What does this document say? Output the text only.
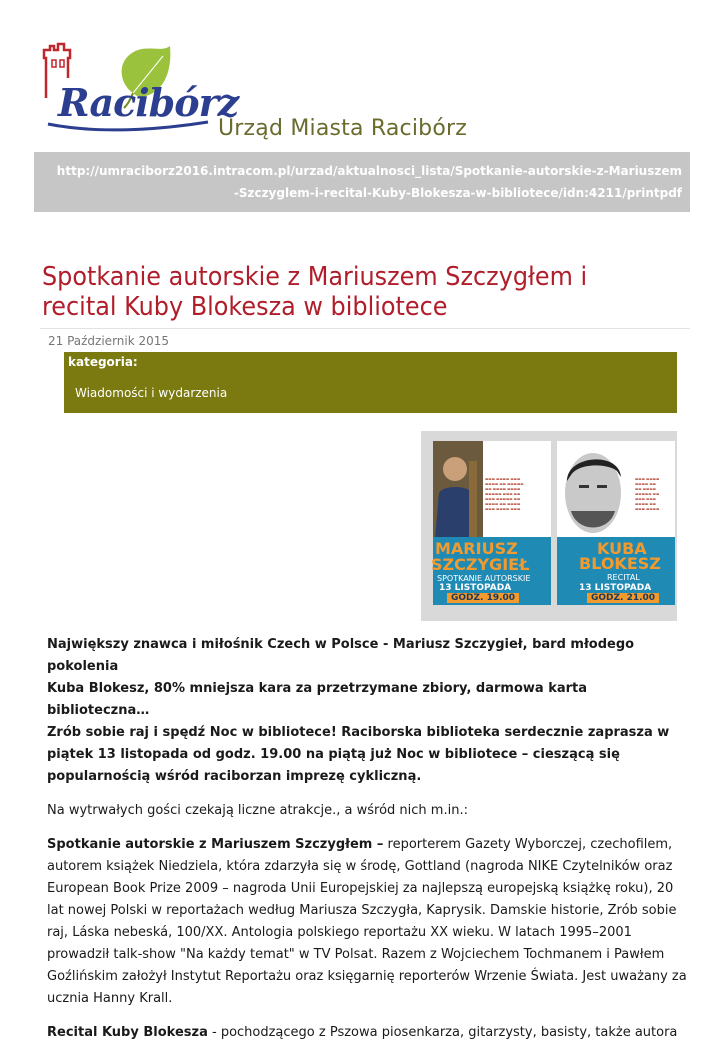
Racibórz
Urząd Miasta Racibórz
http://umraciborz2016.intracom.pl/urzad/aktualnosci_lista/Spotkanie-autorskie-z-Mariuszem
-Szczyglem-i-recital-Kuby-Blokesza-w-bibliotece/idn:4211/printpdf
Spotkanie autorskie z Mariuszem Szczygłem i recital Kuby Blokesza w bibliotece
21 Październik 2015
kategoria:
Wiadomości i wydarzenia
▬▬▬ ▬▬▬▬ ▬▬▬
▬▬▬▬ ▬▬ ▬▬▬▬▬
▬▬ ▬▬▬▬ ▬▬▬▬
▬▬▬▬▬ ▬▬▬ ▬▬
▬▬▬ ▬▬▬▬▬ ▬▬
▬▬▬▬ ▬▬ ▬▬▬▬
▬▬▬ ▬▬▬▬ ▬▬▬
MARIUSZ
SZCZYGIEŁ
SPOTKANIE AUTORSKIE
13 LISTOPADA
GODZ. 19.00
▬▬▬ ▬▬▬▬
▬▬▬▬ ▬▬
▬▬ ▬▬▬▬
▬▬▬▬▬ ▬▬
▬▬▬ ▬▬▬
▬▬▬▬ ▬▬
▬▬▬ ▬▬▬▬
KUBA
BLOKESZ
RECITAL
13 LISTOPADA
GODZ. 21.00

Największy znawca i miłośnik Czech w Polsce - Mariusz Szczygieł, bard młodego pokolenia
Kuba Blokesz, 80% mniejsza kara za przetrzymane zbiory, darmowa karta biblioteczna…
Zrób sobie raj i spędź Noc w bibliotece! Raciborska biblioteka serdecznie zaprasza w
piątek 13 listopada od godz. 19.00 na piątą już Noc w bibliotece – cieszącą się
popularnością wśród raciborzan imprezę cykliczną.

Na wytrwałych gości czekają liczne atrakcje., a wśród nich m.in.:

Spotkanie autorskie z Mariuszem Szczygłem – reporterem Gazety Wyborczej, czechofilem, autorem książek Niedziela, która zdarzyła się w środę, Gottland (nagroda NIKE Czytelników oraz European Book Prize 2009 – nagroda Unii Europejskiej za najlepszą europejską książkę roku), 20 lat nowej Polski w reportażach według Mariusza Szczygła, Kaprysik. Damskie historie, Zrób sobie raj, Láska nebeská, 100/XX. Antologia polskiego reportażu XX wieku. W latach 1995–2001 prowadził talk-show "Na każdy temat" w TV Polsat. Razem z Wojciechem Tochmanem i Pawłem Goźlińskim założył Instytut Reportażu oraz księgarnię reporterów Wrzenie Świata. Jest uważany za ucznia Hanny Krall.

Recital Kuby Blokesza - pochodzącego z Pszowa piosenkarza, gitarzysty, basisty, także autora
